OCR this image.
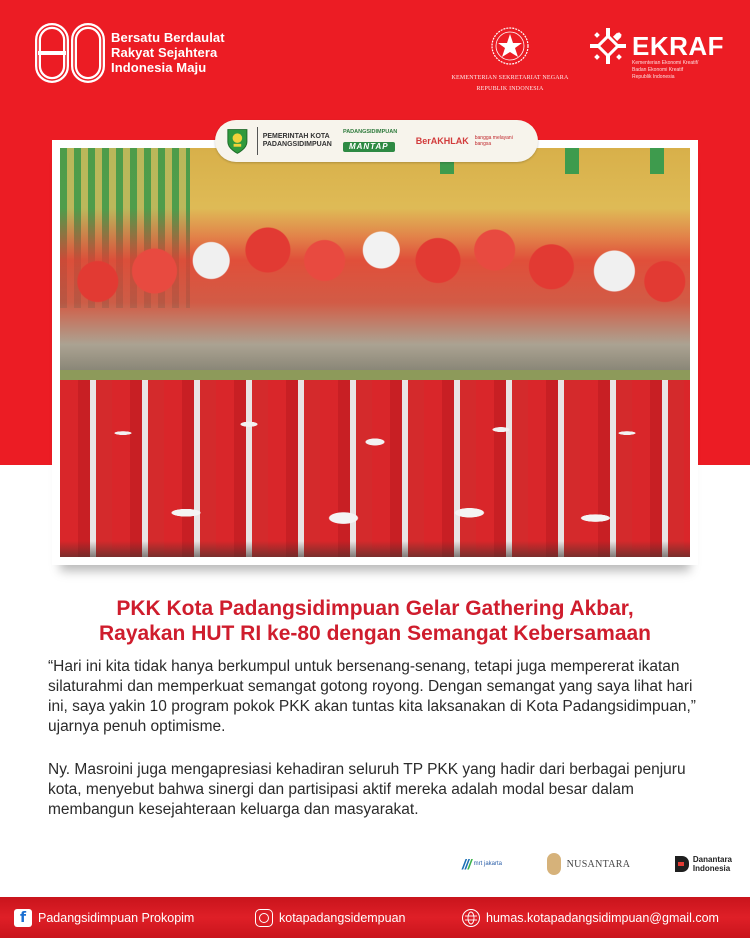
Bersatu Berdaulat
Rakyat Sejahtera
Indonesia Maju
KEMENTERIAN SEKRETARIAT NEGARA
REPUBLIK INDONESIA
EKRAF
Kementerian Ekonomi Kreatif/
Badan Ekonomi Kreatif
Republik Indonesia
PEMERINTAH KOTA
PADANGSIDIMPUAN
PADANGSIDIMPUAN
MANTAP	BerAKHLAK bangga melayani bangsa
PKK Kota Padangsidimpuan Gelar Gathering Akbar,
Rayakan HUT RI ke-80 dengan Semangat Kebersamaan

“Hari ini kita tidak hanya berkumpul untuk bersenang-senang, tetapi juga mempererat ikatan silaturahmi dan memperkuat semangat gotong royong. Dengan semangat yang saya lihat hari ini, saya yakin 10 program pokok PKK akan tuntas kita laksanakan di Kota Padangsidimpuan,” ujarnya penuh optimisme.

Ny. Masroini juga mengapresiasi kehadiran seluruh TP PKK yang hadir dari berbagai penjuru kota, menyebut bahwa sinergi dan partisipasi aktif mereka adalah modal besar dalam membangun kesejahteraan keluarga dan masyarakat.

/// mrt jakarta	NUSANTARA	Danantara
Indonesia
f Padangsidimpuan Prokopim	kotapadangsidempuan	humas.kotapadangsidimpuan@gmail.com
